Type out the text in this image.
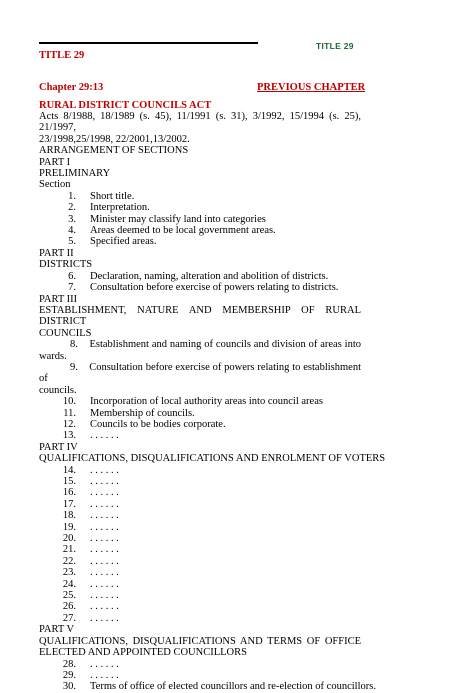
TITLE 29
TITLE 29
Chapter 29:13	PREVIOUS CHAPTER
RURAL DISTRICT COUNCILS ACT
Acts 8/1988, 18/1989 (s. 45), 11/1991 (s. 31), 3/1992, 15/1994 (s. 25), 21/1997,
23/1998,25/1998, 22/2001,13/2002.
ARRANGEMENT OF SECTIONS
PART I
PRELIMINARY
Section
1.	Short title.
2.	Interpretation.
3.	Minister may classify land into categories
4.	Areas deemed to be local government areas.
5.	Specified areas.
PART II
DISTRICTS
6.	Declaration, naming, alteration and abolition of districts.
7.	Consultation before exercise of powers relating to districts.
PART III
ESTABLISHMENT, NATURE AND MEMBERSHIP OF RURAL DISTRICT
COUNCILS
8. Establishment and naming of councils and division of areas into
wards.
9. Consultation before exercise of powers relating to establishment of
councils.
10.	Incorporation of local authority areas into council areas
11.	Membership of councils.
12.	Councils to be bodies corporate.
13.	. . . . . .
PART IV
QUALIFICATIONS, DISQUALIFICATIONS AND ENROLMENT OF VOTERS
14.	. . . . . .
15.	. . . . . .
16.	. . . . . .
17.	. . . . . .
18.	. . . . . .
19.	. . . . . .
20.	. . . . . .
21.	. . . . . .
22.	. . . . . .
23.	. . . . . .
24.	. . . . . .
25.	. . . . . .
26.	. . . . . .
27.	. . . . . .
PART V
QUALIFICATIONS, DISQUALIFICATIONS AND TERMS OF OFFICE
ELECTED AND APPOINTED COUNCILLORS
28.	. . . . . .
29.	. . . . . .
30.	Terms of office of elected councillors and re-election of councillors.
